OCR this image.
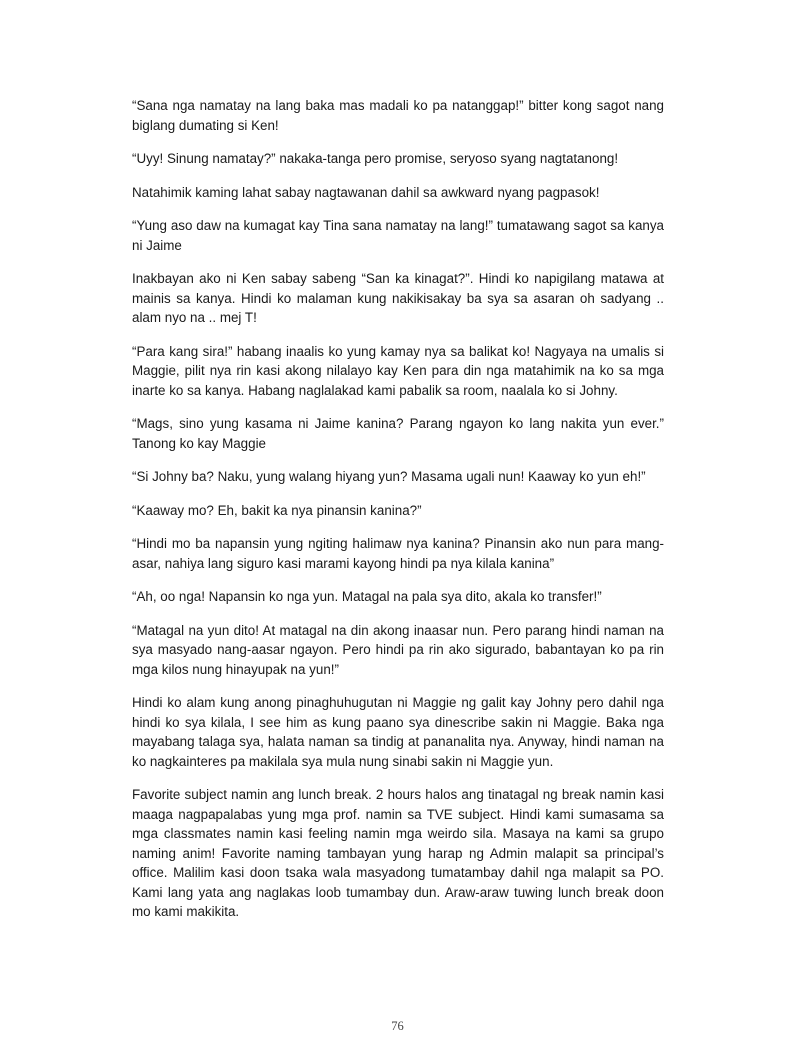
“Sana nga namatay na lang baka mas madali ko pa natanggap!” bitter kong sagot nang biglang dumating si Ken!

“Uyy! Sinung namatay?” nakaka-tanga pero promise, seryoso syang nagtatanong!

Natahimik kaming lahat sabay nagtawanan dahil sa awkward nyang pagpasok!

“Yung aso daw na kumagat kay Tina sana namatay na lang!” tumatawang sagot sa kanya ni Jaime

Inakbayan ako ni Ken sabay sabeng “San ka kinagat?”. Hindi ko napigilang matawa at mainis sa kanya. Hindi ko malaman kung nakikisakay ba sya sa asaran oh sadyang .. alam nyo na .. mej T!

“Para kang sira!” habang inaalis ko yung kamay nya sa balikat ko! Nagyaya na umalis si Maggie, pilit nya rin kasi akong nilalayo kay Ken para din nga matahimik na ko sa mga inarte ko sa kanya. Habang naglalakad kami pabalik sa room, naalala ko si Johny.

“Mags, sino yung kasama ni Jaime kanina? Parang ngayon ko lang nakita yun ever.” Tanong ko kay Maggie

“Si Johny ba? Naku, yung walang hiyang yun? Masama ugali nun! Kaaway ko yun eh!”

“Kaaway mo? Eh, bakit ka nya pinansin kanina?”

“Hindi mo ba napansin yung ngiting halimaw nya kanina? Pinansin ako nun para mang-asar, nahiya lang siguro kasi marami kayong hindi pa nya kilala kanina”

“Ah, oo nga! Napansin ko nga yun. Matagal na pala sya dito, akala ko transfer!”

“Matagal na yun dito! At matagal na din akong inaasar nun. Pero parang hindi naman na sya masyado nang-aasar ngayon. Pero hindi pa rin ako sigurado, babantayan ko pa rin mga kilos nung hinayupak na yun!”

Hindi ko alam kung anong pinaghuhugutan ni Maggie ng galit kay Johny pero dahil nga hindi ko sya kilala, I see him as kung paano sya dinescribe sakin ni Maggie. Baka nga mayabang talaga sya, halata naman sa tindig at pananalita nya. Anyway, hindi naman na ko nagkainteres pa makilala sya mula nung sinabi sakin ni Maggie yun.

Favorite subject namin ang lunch break. 2 hours halos ang tinatagal ng break namin kasi maaga nagpapalabas yung mga prof. namin sa TVE subject. Hindi kami sumasama sa mga classmates namin kasi feeling namin mga weirdo sila. Masaya na kami sa grupo naming anim! Favorite naming tambayan yung harap ng Admin malapit sa principal’s office. Malilim kasi doon tsaka wala masyadong tumatambay dahil nga malapit sa PO. Kami lang yata ang naglakas loob tumambay dun. Araw-araw tuwing lunch break doon mo kami makikita.

76
